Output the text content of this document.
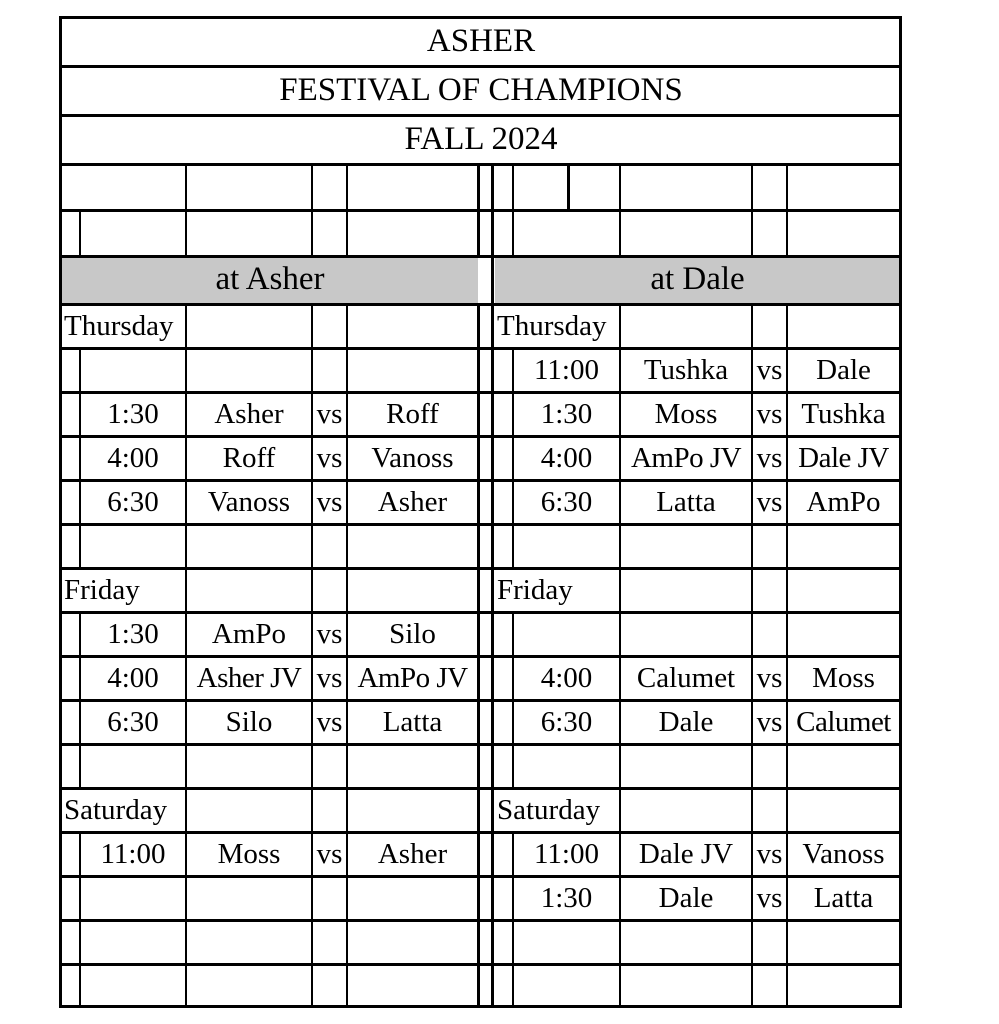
ASHER
FESTIVAL OF CHAMPIONS
FALL 2024
at Asher	at Dale
Thursday
1:30	Asher	vs	Roff
4:00	Roff	vs	Vanoss
6:30	Vanoss vs	Asher
Friday
1:30	AmPo	vs	Silo
4:00	Asher JV vs AmPo JV
6:30	Silo	vs	Latta
Saturday
11:00	Moss	vs	Asher
Thursday
11:00	Tushka vs	Dale
1:30	Moss	vs Tushka
4:00	AmPo JV vs Dale JV
6:30	Latta	vs AmPo
Friday
4:00	Calumet vs	Moss
6:30	Dale	vs Calumet
Saturday
11:00	Dale JV vs Vanoss
1:30	Dale	vs	Latta
